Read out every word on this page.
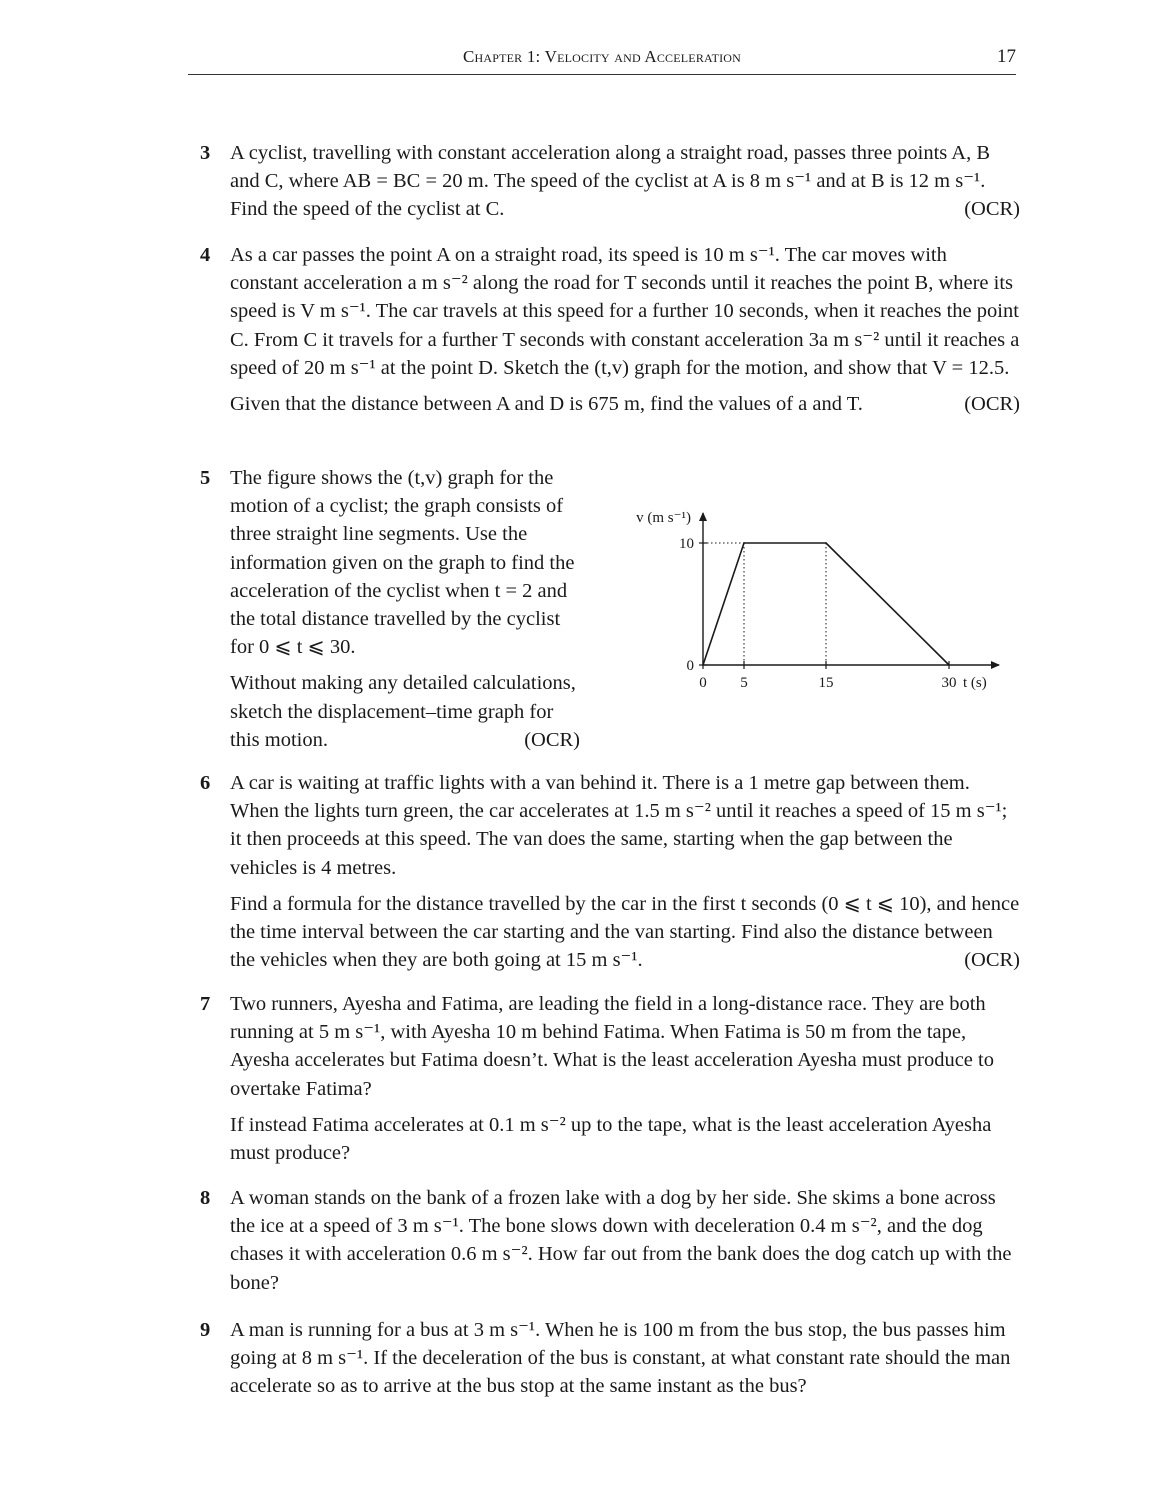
Chapter 1: Velocity and Acceleration	17
3 A cyclist, travelling with constant acceleration along a straight road, passes three points A, B and C, where AB = BC = 20 m. The speed of the cyclist at A is 8 m s⁻¹ and at B is 12 m s⁻¹. Find the speed of the cyclist at C.	(OCR)

4 As a car passes the point A on a straight road, its speed is 10 m s⁻¹. The car moves with constant acceleration a m s⁻² along the road for T seconds until it reaches the point B, where its speed is V m s⁻¹. The car travels at this speed for a further 10 seconds, when it reaches the point C. From C it travels for a further T seconds with constant acceleration 3a m s⁻² until it reaches a speed of 20 m s⁻¹ at the point D. Sketch the (t,v) graph for the motion, and show that V = 12.5.

Given that the distance between A and D is 675 m, find the values of a and T.	(OCR)

5 The figure shows the (t,v) graph for the motion of a cyclist; the graph consists of three straight line segments. Use the information given on the graph to find the acceleration of the cyclist when t = 2 and the total distance travelled by the cyclist for 0 ⩽ t ⩽ 30.

Without making any detailed calculations, sketch the displacement–time graph for this motion.	(OCR)

0 5	15	30
0
10
v (m s⁻¹)
t (s)
6 A car is waiting at traffic lights with a van behind it. There is a 1 metre gap between them. When the lights turn green, the car accelerates at 1.5 m s⁻² until it reaches a speed of 15 m s⁻¹; it then proceeds at this speed. The van does the same, starting when the gap between the vehicles is 4 metres.

Find a formula for the distance travelled by the car in the first t seconds (0 ⩽ t ⩽ 10), and hence the time interval between the car starting and the van starting. Find also the distance between the vehicles when they are both going at 15 m s⁻¹.	(OCR)

7 Two runners, Ayesha and Fatima, are leading the field in a long-distance race. They are both running at 5 m s⁻¹, with Ayesha 10 m behind Fatima. When Fatima is 50 m from the tape, Ayesha accelerates but Fatima doesn’t. What is the least acceleration Ayesha must produce to overtake Fatima?

If instead Fatima accelerates at 0.1 m s⁻² up to the tape, what is the least acceleration Ayesha must produce?

8 A woman stands on the bank of a frozen lake with a dog by her side. She skims a bone across the ice at a speed of 3 m s⁻¹. The bone slows down with deceleration 0.4 m s⁻², and the dog chases it with acceleration 0.6 m s⁻². How far out from the bank does the dog catch up with the bone?

9 A man is running for a bus at 3 m s⁻¹. When he is 100 m from the bus stop, the bus passes him going at 8 m s⁻¹. If the deceleration of the bus is constant, at what constant rate should the man accelerate so as to arrive at the bus stop at the same instant as the bus?
